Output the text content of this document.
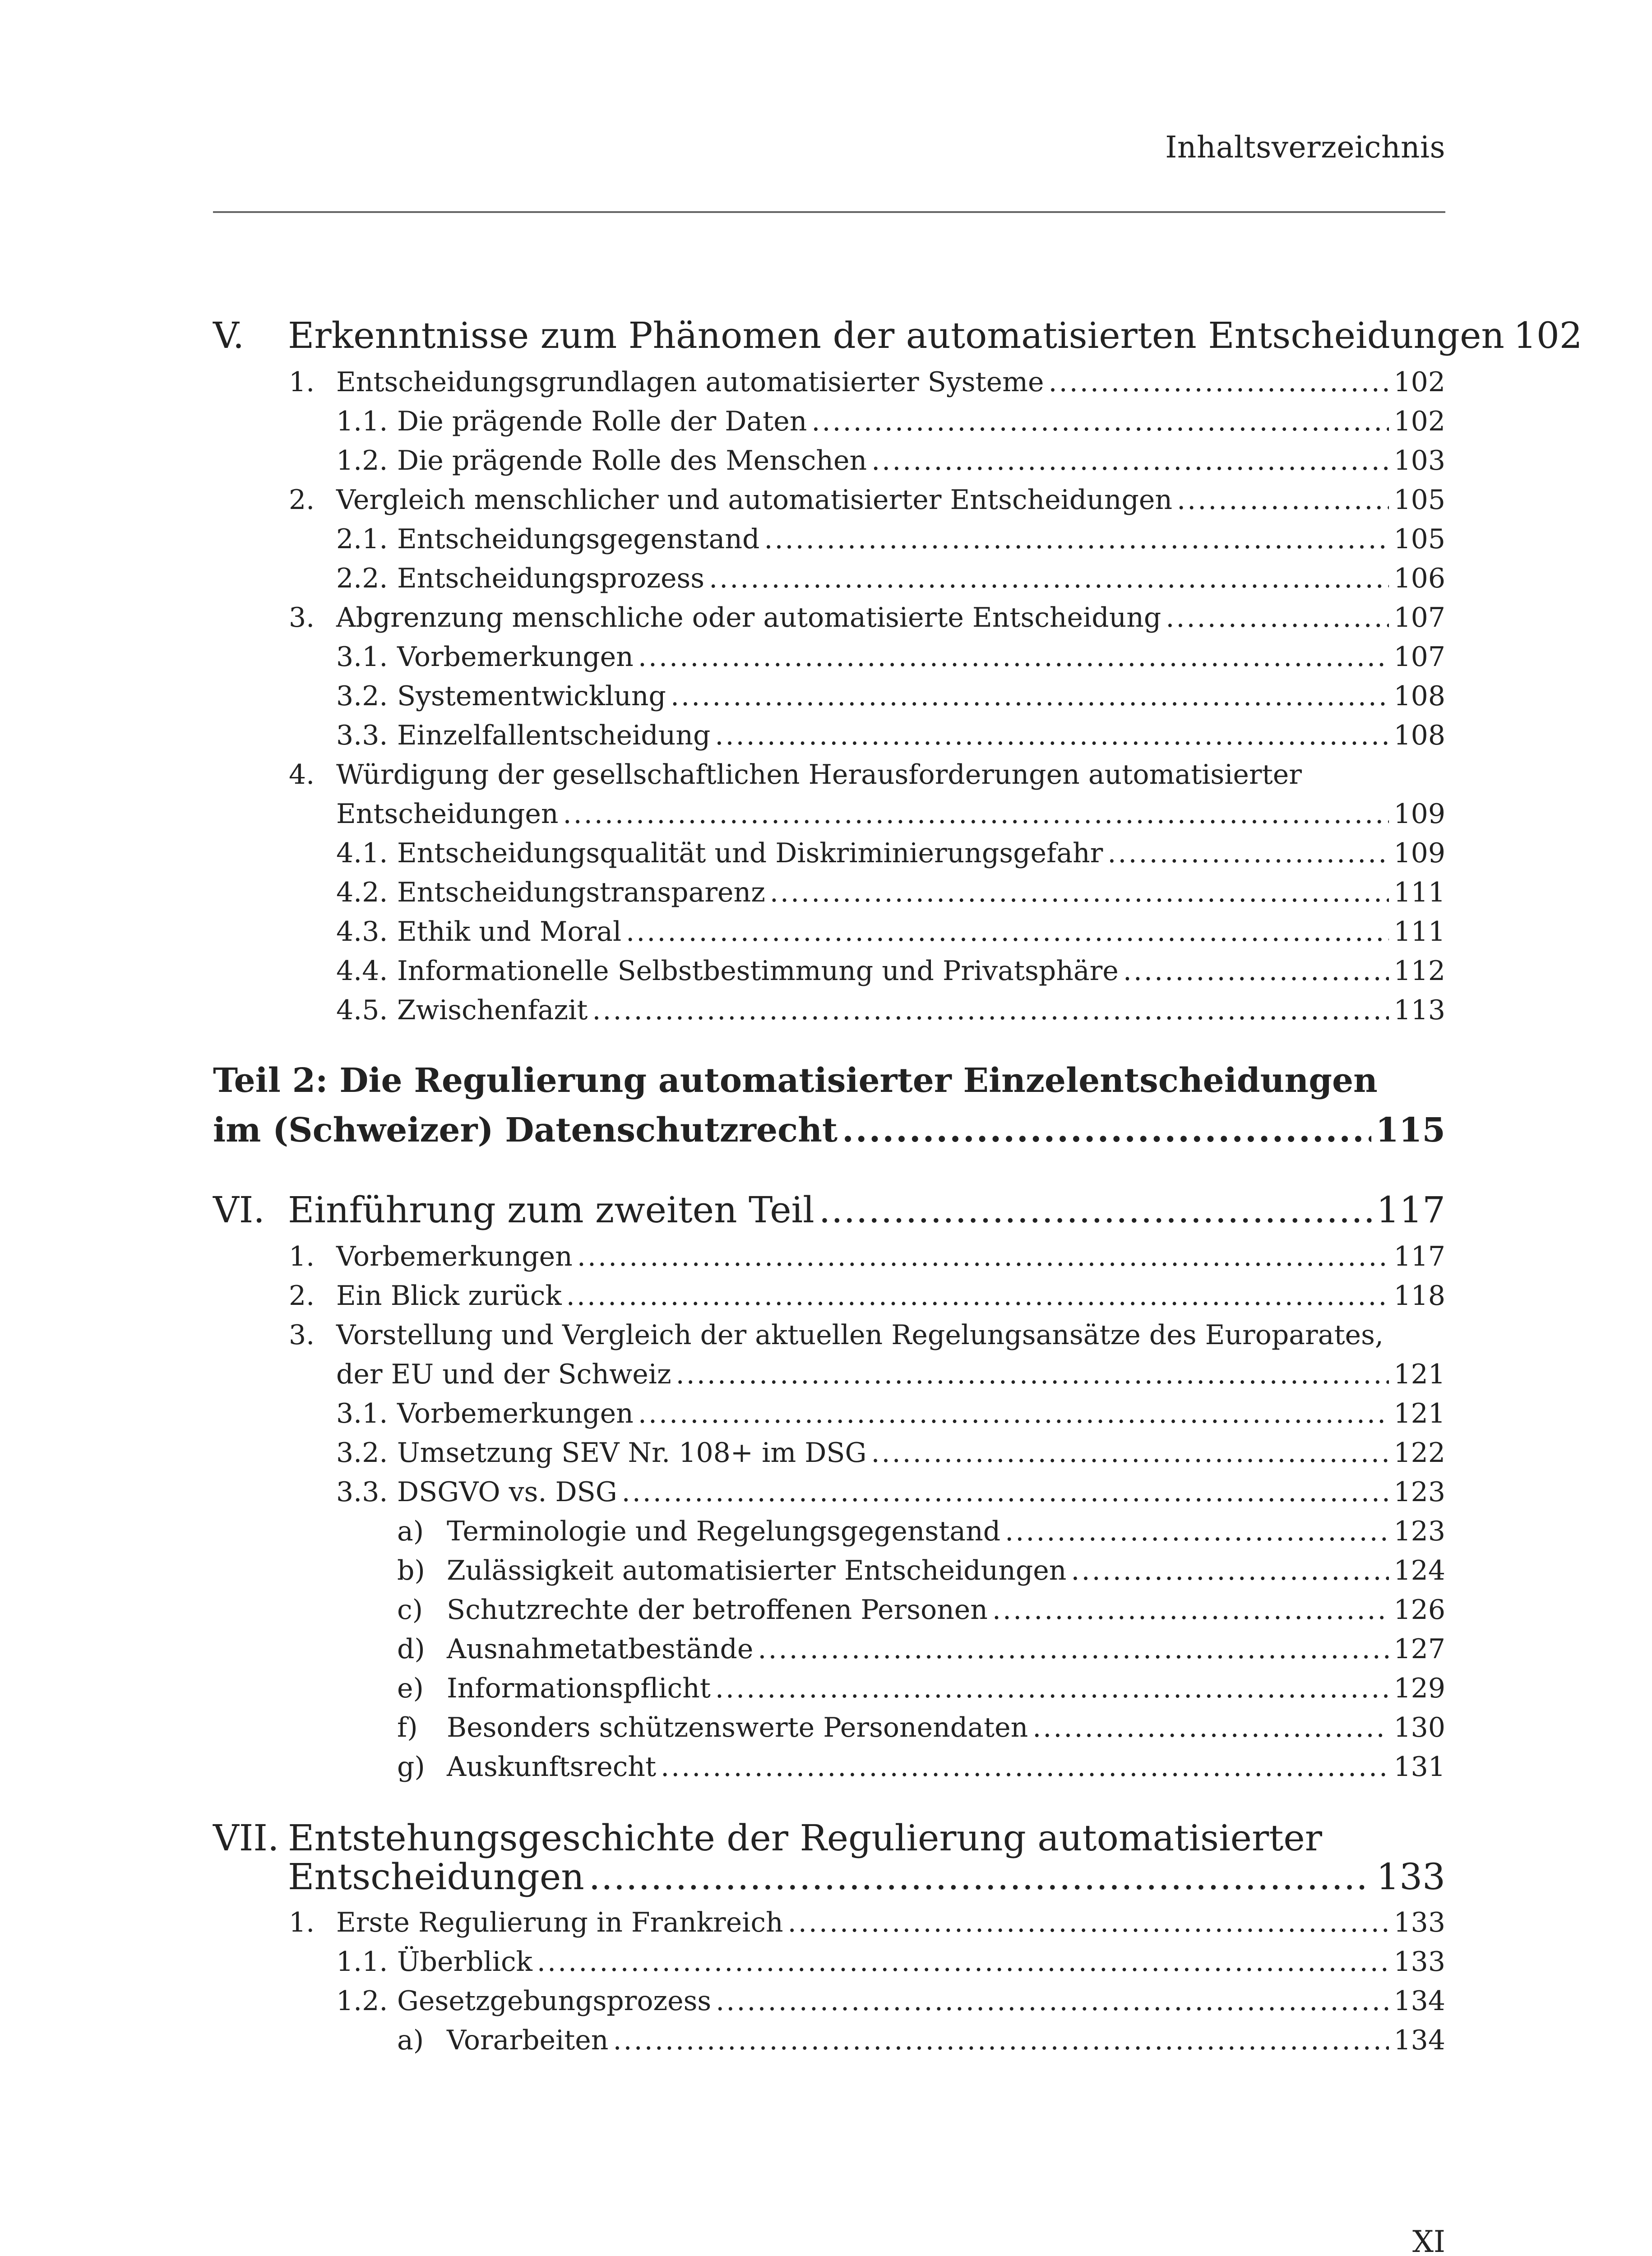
Inhaltsverzeichnis
V. Erkenntnisse zum Phänomen der automatisierten Entscheidungen 102
1. Entscheidungsgrundlagen automatisierter Systeme .....	102
1.1. Die prägende Rolle der Daten .....	102
1.2. Die prägende Rolle des Menschen .....	103
2. Vergleich menschlicher und automatisierter Entscheidungen .....	105
2.1. Entscheidungsgegenstand .....	105
2.2. Entscheidungsprozess .....	106
3. Abgrenzung menschliche oder automatisierte Entscheidung .....	107
3.1. Vorbemerkungen .....	107
3.2. Systementwicklung .....	108
3.3. Einzelfallentscheidung .....	108
4. Würdigung der gesellschaftlichen Herausforderungen automatisierter
Entscheidungen .....	109
4.1. Entscheidungsqualität und Diskriminierungsgefahr .....	109
4.2. Entscheidungstransparenz .....	111
4.3. Ethik und Moral .....	111
4.4. Informationelle Selbstbestimmung und Privatsphäre .....	112
4.5. Zwischenfazit .....	113
Teil 2: Die Regulierung automatisierter Einzelentscheidungen
im (Schweizer) Datenschutzrecht .....	115
VI. Einführung zum zweiten Teil .....	117
1. Vorbemerkungen .....	117
2. Ein Blick zurück .....	118
3. Vorstellung und Vergleich der aktuellen Regelungsansätze des Europarates,
der EU und der Schweiz .....	121
3.1. Vorbemerkungen .....	121
3.2. Umsetzung SEV Nr. 108+ im DSG .....	122
3.3. DSGVO vs. DSG .....	123
a) Terminologie und Regelungsgegenstand .....	123
b) Zulässigkeit automatisierter Entscheidungen .....	124
c) Schutzrechte der betroffenen Personen .....	126
d) Ausnahmetatbestände .....	127
e) Informationspflicht .....	129
f) Besonders schützenswerte Personendaten .....	130
g) Auskunftsrecht .....	131
VII. Entstehungsgeschichte der Regulierung automatisierter
Entscheidungen .....	133
1. Erste Regulierung in Frankreich .....	133
1.1. Überblick .....	133
1.2. Gesetzgebungsprozess .....	134
a) Vorarbeiten .....	134
XI
